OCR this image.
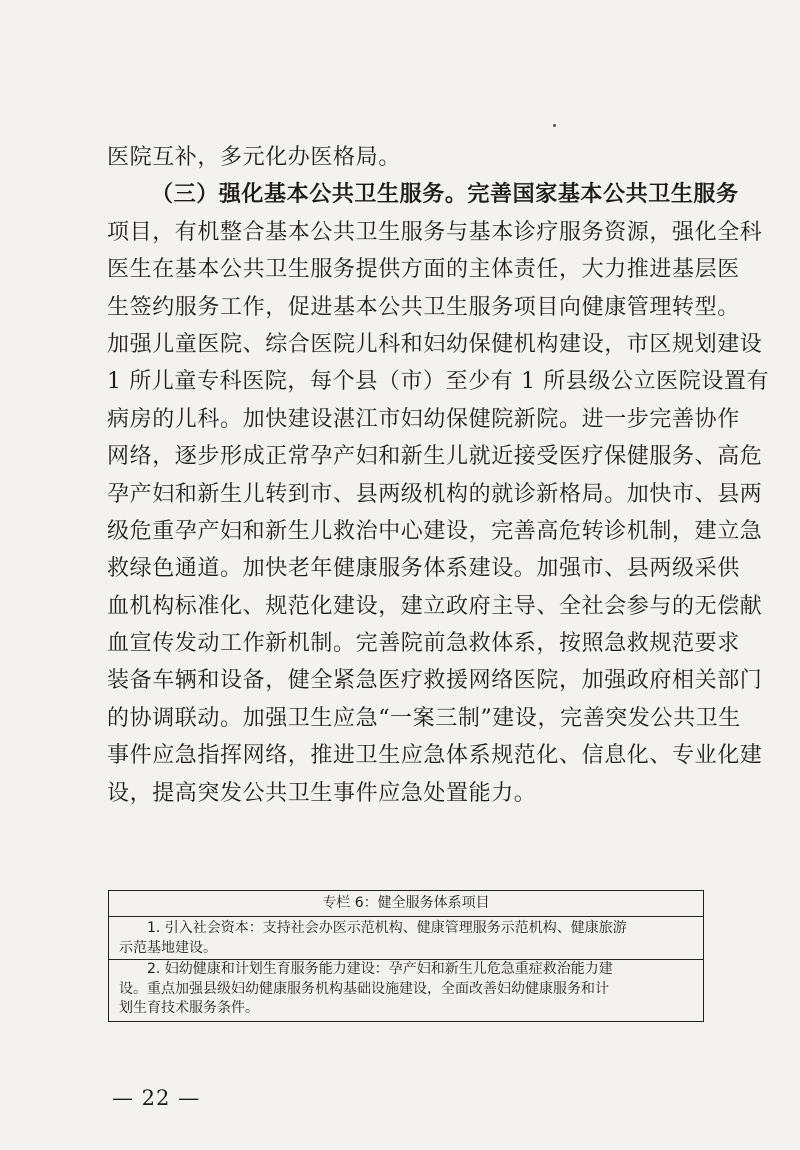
医院互补，多元化办医格局。
（三）强化基本公共卫生服务。完善国家基本公共卫生服务
项目，有机整合基本公共卫生服务与基本诊疗服务资源，强化全科
医生在基本公共卫生服务提供方面的主体责任，大力推进基层医
生签约服务工作，促进基本公共卫生服务项目向健康管理转型。
加强儿童医院、综合医院儿科和妇幼保健机构建设，市区规划建设
1 所儿童专科医院，每个县（市）至少有 1 所县级公立医院设置有
病房的儿科。加快建设湛江市妇幼保健院新院。进一步完善协作
网络，逐步形成正常孕产妇和新生儿就近接受医疗保健服务、高危
孕产妇和新生儿转到市、县两级机构的就诊新格局。加快市、县两
级危重孕产妇和新生儿救治中心建设，完善高危转诊机制，建立急
救绿色通道。加快老年健康服务体系建设。加强市、县两级采供
血机构标准化、规范化建设，建立政府主导、全社会参与的无偿献
血宣传发动工作新机制。完善院前急救体系，按照急救规范要求
装备车辆和设备，健全紧急医疗救援网络医院，加强政府相关部门
的协调联动。加强卫生应急“一案三制”建设，完善突发公共卫生
事件应急指挥网络，推进卫生应急体系规范化、信息化、专业化建
设，提高突发公共卫生事件应急处置能力。
专栏 6：健全服务体系项目
1. 引入社会资本：支持社会办医示范机构、健康管理服务示范机构、健康旅游
示范基地建设。
2. 妇幼健康和计划生育服务能力建设：孕产妇和新生儿危急重症救治能力建
设。重点加强县级妇幼健康服务机构基础设施建设，全面改善妇幼健康服务和计
划生育技术服务条件。
— 22 —
